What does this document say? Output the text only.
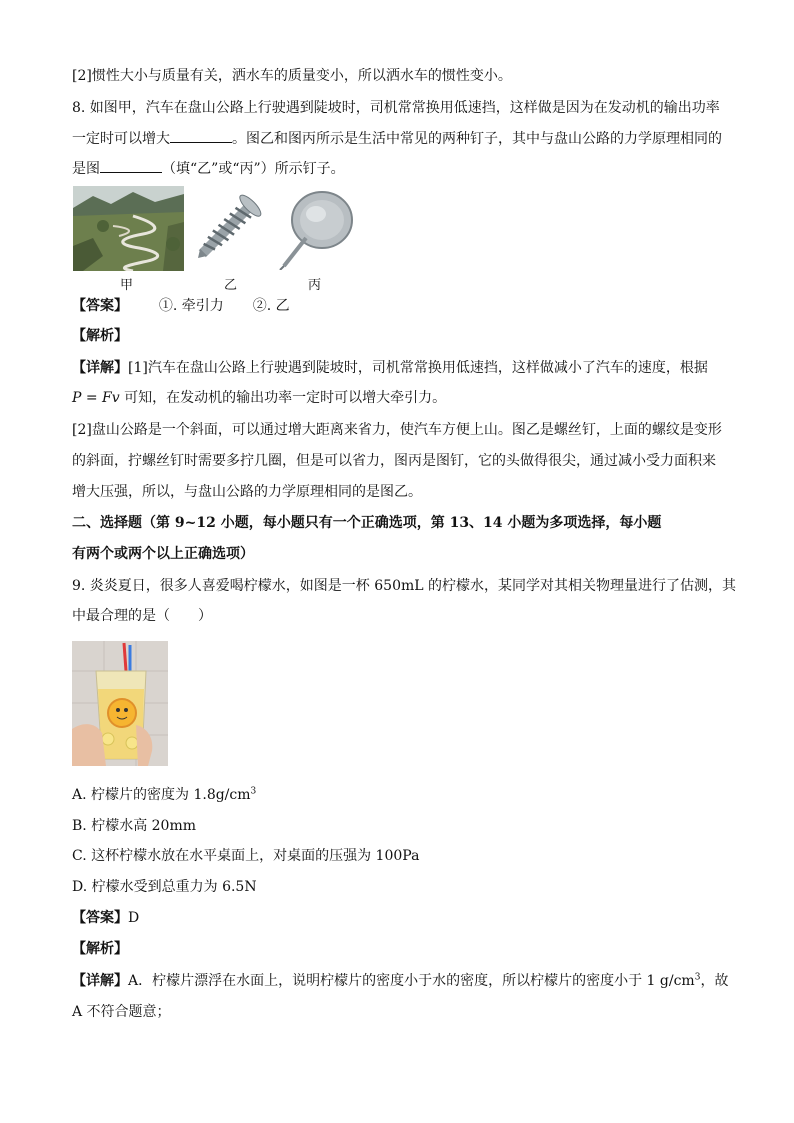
[2]惯性大小与质量有关，洒水车的质量变小，所以洒水车的惯性变小。
8. 如图甲，汽车在盘山公路上行驶遇到陡坡时，司机常常换用低速挡，这样做是因为在发动机的输出功率
一定时可以增大	。图乙和图丙所示是生活中常见的两种钉子，其中与盘山公路的力学原理相同的
是图	（填“乙”或“丙”）所示钉子。
甲	乙	丙
【答案】 ①. 牵引力 ②. 乙
【解析】
【详解】[1]汽车在盘山公路上行驶遇到陡坡时，司机常常换用低速挡，这样做减小了汽车的速度，根据
P = Fv 可知，在发动机的输出功率一定时可以增大牵引力。
[2]盘山公路是一个斜面，可以通过增大距离来省力，使汽车方便上山。图乙是螺丝钉，上面的螺纹是变形
的斜面，拧螺丝钉时需要多拧几圈，但是可以省力，图丙是图钉，它的头做得很尖，通过减小受力面积来
增大压强，所以，与盘山公路的力学原理相同的是图乙。
二、选择题（第 9~12 小题，每小题只有一个正确选项，第 13、14 小题为多项选择，每小题
有两个或两个以上正确选项）
9. 炎炎夏日，很多人喜爱喝柠檬水，如图是一杯 650mL 的柠檬水，某同学对其相关物理量进行了估测，其
中最合理的是（　　）
A. 柠檬片的密度为 $1.8g/cm^3$
B. 柠檬水高 20mm
C. 这杯柠檬水放在水平桌面上，对桌面的压强为 100Pa
D. 柠檬水受到总重力为 6.5N
【答案】D
【解析】
【详解】A．柠檬片漂浮在水面上，说明柠檬片的密度小于水的密度，所以柠檬片的密度小于 1 $g/cm^3$，故
A 不符合题意；
